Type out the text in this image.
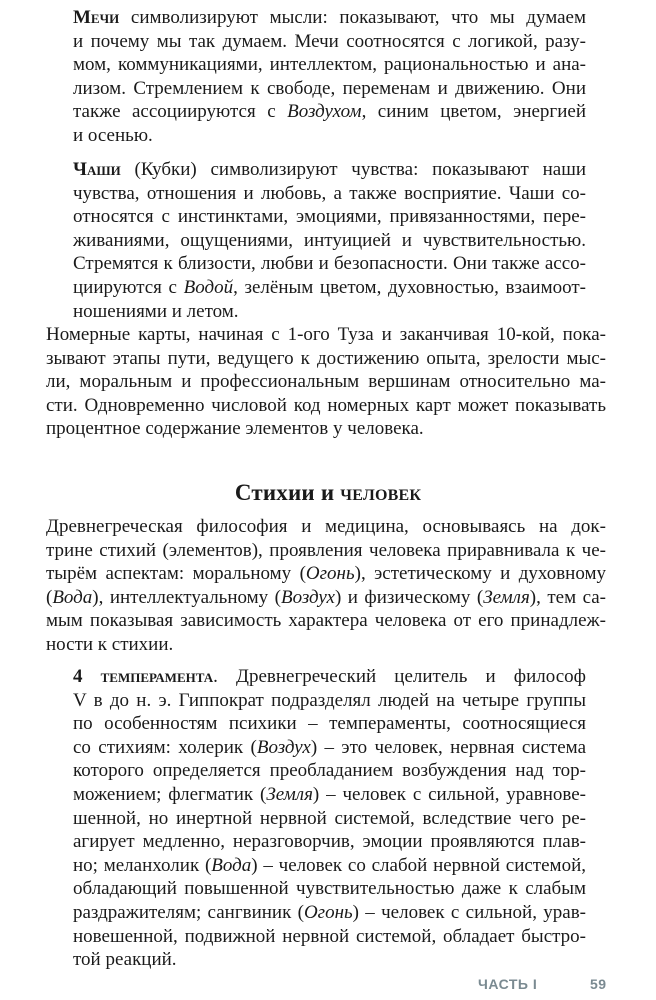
Мечи символизируют мысли: показывают, что мы думаем
и почему мы так думаем. Мечи соотносятся с логикой, разу-
мом, коммуникациями, интеллектом, рациональностью и ана-
лизом. Стремлением к свободе, переменам и движению. Они
также ассоциируются с Воздухом, синим цветом, энергией
и осенью.
Чаши (Кубки) символизируют чувства: показывают наши
чувства, отношения и любовь, а также восприятие. Чаши со-
относятся с инстинктами, эмоциями, привязанностями, пере-
живаниями, ощущениями, интуицией и чувствительностью.
Стремятся к близости, любви и безопасности. Они также ассо-
циируются с Водой, зелёным цветом, духовностью, взаимоот-
ношениями и летом.
Номерные карты, начиная с 1-ого Туза и заканчивая 10-кой, пока-
зывают этапы пути, ведущего к достижению опыта, зрелости мыс-
ли, моральным и профессиональным вершинам относительно ма-
сти. Одновременно числовой код номерных карт может показывать
процентное содержание элементов у человека.
Стихии и человек
Древнегреческая философия и медицина, основываясь на док-
трине стихий (элементов), проявления человека приравнивала к че-
тырём аспектам: моральному (Огонь), эстетическому и духовному
(Вода), интеллектуальному (Воздух) и физическому (Земля), тем са-
мым показывая зависимость характера человека от его принадлеж-
ности к стихии.
4 темперамента. Древнегреческий целитель и философ
V в до н. э. Гиппократ подразделял людей на четыре группы
по особенностям психики – темпераменты, соотносящиеся
со стихиям: холерик (Воздух) – это человек, нервная система
которого определяется преобладанием возбуждения над тор-
можением; флегматик (Земля) – человек с сильной, уравнове-
шенной, но инертной нервной системой, вследствие чего ре-
агирует медленно, неразговорчив, эмоции проявляются плав-
но; меланхолик (Вода) – человек со слабой нервной системой,
обладающий повышенной чувствительностью даже к слабым
раздражителям; сангвиник (Огонь) – человек с сильной, урав-
новешенной, подвижной нервной системой, обладает быстро-
той реакций.
ЧАСТЬ I	59
